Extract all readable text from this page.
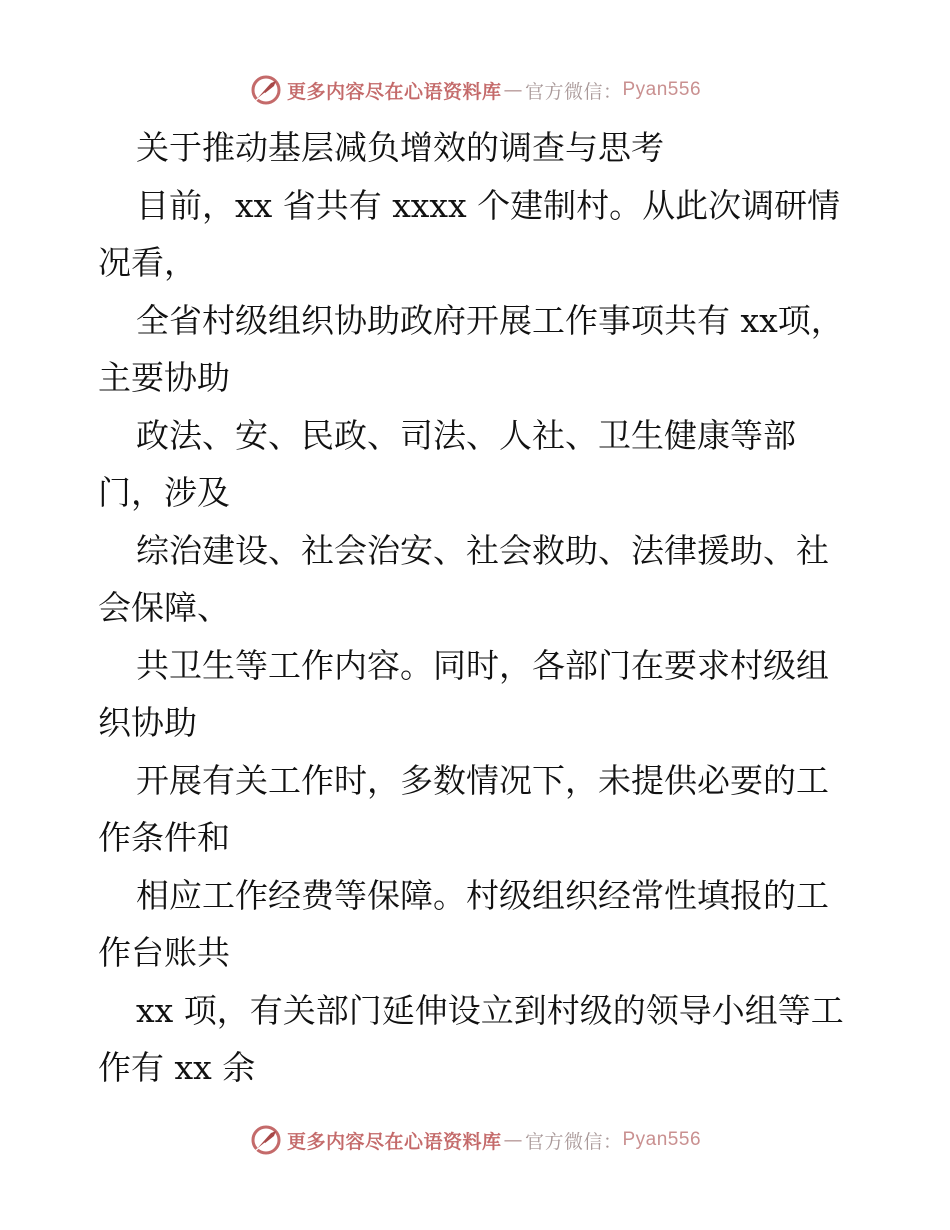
更多内容尽在心语资料库 — 官方微信： Pyan556

关于推动基层减负增效的调查与思考

目前，xx 省共有 xxxx 个建制村。从此次调研情况看，

全省村级组织协助政府开展工作事项共有 xx项，主要协助

政法、安、民政、司法、人社、卫生健康等部门，涉及

综治建设、社会治安、社会救助、法律援助、社会保障、

共卫生等工作内容。同时，各部门在要求村级组织协助

开展有关工作时，多数情况下，未提供必要的工作条件和

相应工作经费等保障。村级组织经常性填报的工作台账共

xx 项，有关部门延伸设立到村级的领导小组等工作有 xx 余

更多内容尽在心语资料库 — 官方微信： Pyan556
